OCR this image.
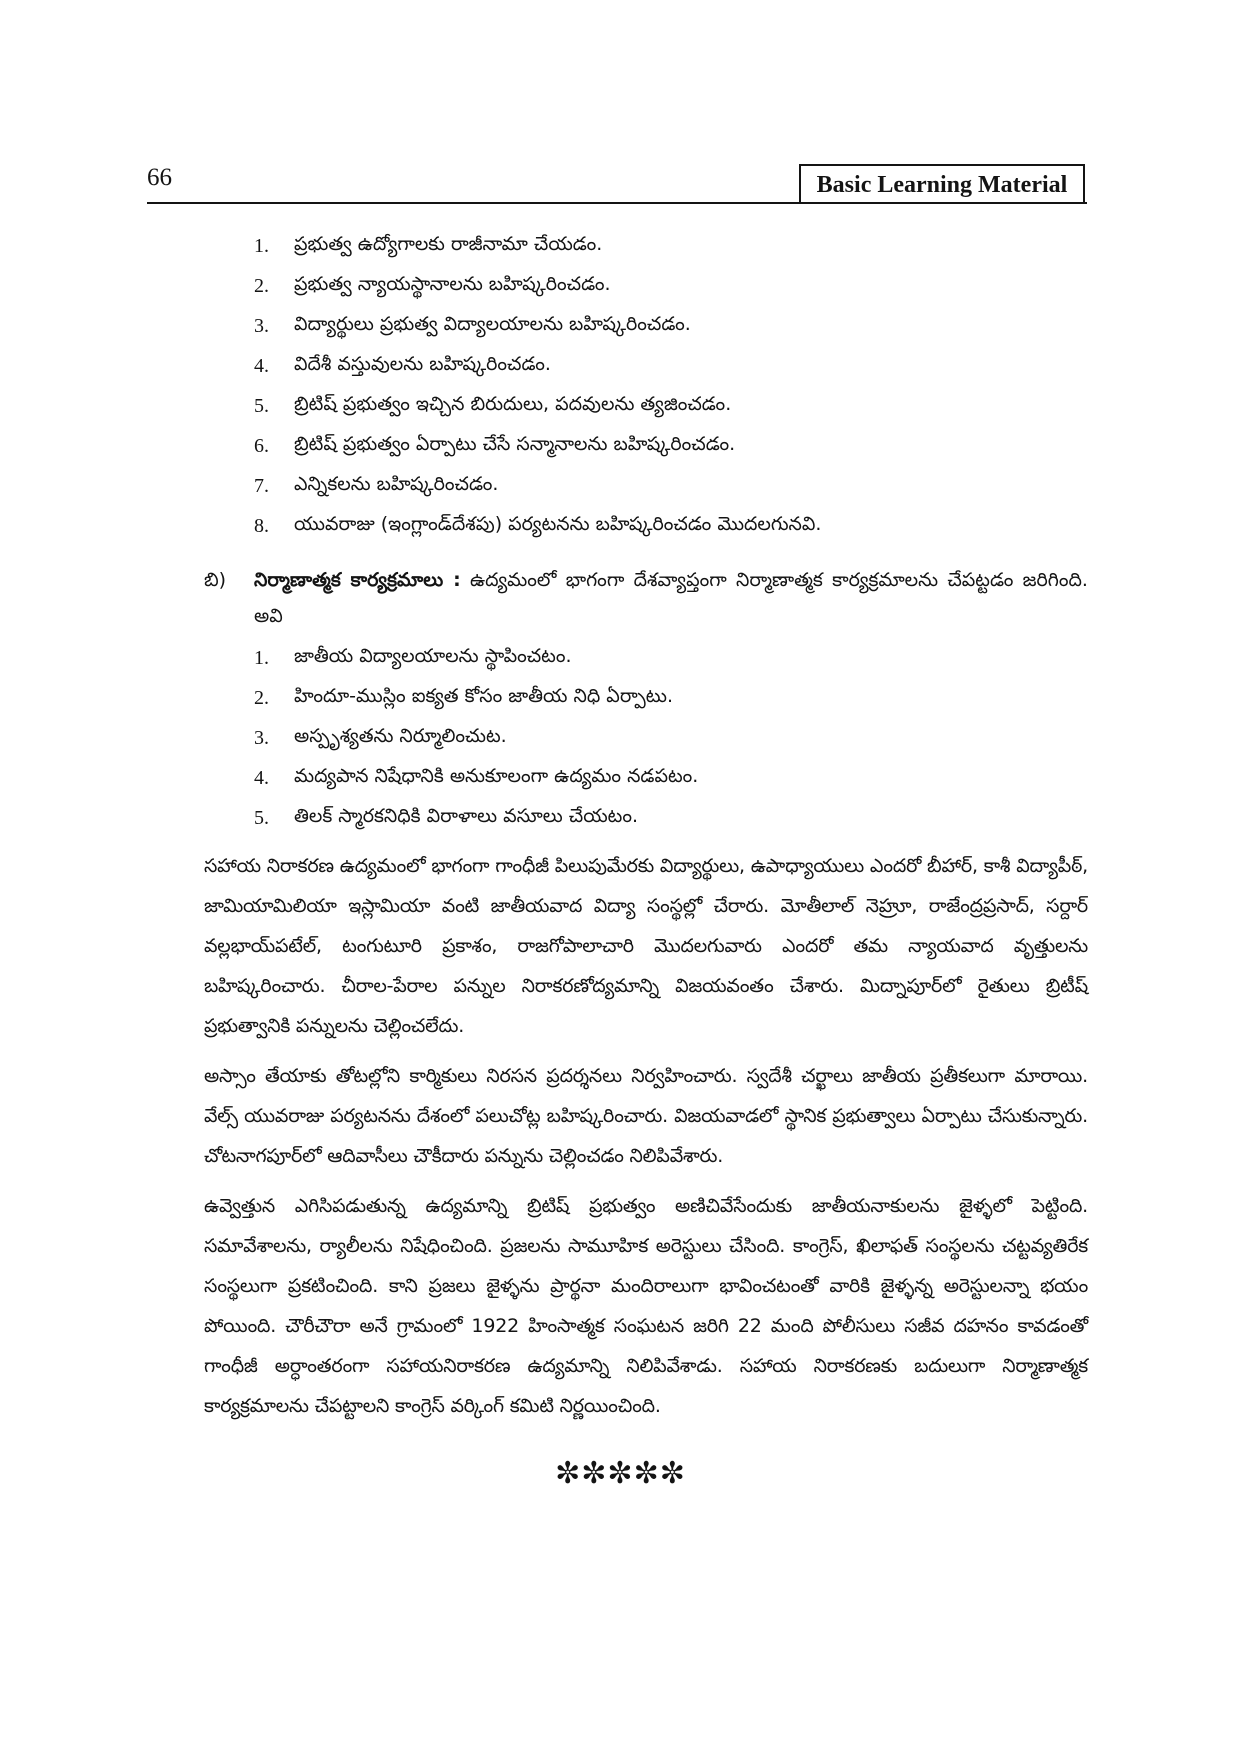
66	Basic Learning Material
1.	ప్రభుత్వ ఉద్యోగాలకు రాజీనామా చేయడం.
2.	ప్రభుత్వ న్యాయస్థానాలను బహిష్కరించడం.
3.	విద్యార్థులు ప్రభుత్వ విద్యాలయాలను బహిష్కరించడం.
4.	విదేశీ వస్తువులను బహిష్కరించడం.
5.	బ్రిటిష్ ప్రభుత్వం ఇచ్చిన బిరుదులు, పదవులను త్యజించడం.
6.	బ్రిటిష్ ప్రభుత్వం ఏర్పాటు చేసే సన్మానాలను బహిష్కరించడం.
7.	ఎన్నికలను బహిష్కరించడం.
8.	యువరాజు (ఇంగ్లాండ్‌దేశపు) పర్యటనను బహిష్కరించడం మొదలగునవి.
బి)	నిర్మాణాత్మక కార్యక్రమాలు : ఉద్యమంలో భాగంగా దేశవ్యాప్తంగా నిర్మాణాత్మక కార్యక్రమాలను చేపట్టడం జరిగింది. అవి
1.	జాతీయ విద్యాలయాలను స్థాపించటం.
2.	హిందూ-ముస్లిం ఐక్యత కోసం జాతీయ నిధి ఏర్పాటు.
3.	అస్పృశ్యతను నిర్మూలించుట.
4.	మద్యపాన నిషేధానికి అనుకూలంగా ఉద్యమం నడపటం.
5.	తిలక్ స్మారకనిధికి విరాళాలు వసూలు చేయటం.

సహాయ నిరాకరణ ఉద్యమంలో భాగంగా గాంధీజీ పిలుపుమేరకు విద్యార్థులు, ఉపాధ్యాయులు ఎందరో బీహార్, కాశీ విద్యాపీఠ్, జామియామిలియా ఇస్లామియా వంటి జాతీయవాద విద్యా సంస్థల్లో చేరారు. మోతీలాల్ నెహ్రూ, రాజేంద్రప్రసాద్, సర్దార్ వల్లభాయ్‌పటేల్, టంగుటూరి ప్రకాశం, రాజగోపాలాచారి మొదలగువారు ఎందరో తమ న్యాయవాద వృత్తులను బహిష్కరించారు. చీరాల-పేరాల పన్నుల నిరాకరణోద్యమాన్ని విజయవంతం చేశారు. మిద్నాపూర్‌లో రైతులు బ్రిటీష్ ప్రభుత్వానికి పన్నులను చెల్లించలేదు.

అస్సాం తేయాకు తోటల్లోని కార్మికులు నిరసన ప్రదర్శనలు నిర్వహించారు. స్వదేశీ చర్ఖాలు జాతీయ ప్రతీకలుగా మారాయి. వేల్స్ యువరాజు పర్యటనను దేశంలో పలుచోట్ల బహిష్కరించారు. విజయవాడలో స్థానిక ప్రభుత్వాలు ఏర్పాటు చేసుకున్నారు. చోటనాగపూర్‌లో ఆదివాసీలు చౌకీదారు పన్నును చెల్లించడం నిలిపివేశారు.

ఉవ్వెత్తున ఎగిసిపడుతున్న ఉద్యమాన్ని బ్రిటిష్ ప్రభుత్వం అణిచివేసేందుకు జాతీయనాకులను జైళ్ళలో పెట్టింది. సమావేశాలను, ర్యాలీలను నిషేధించింది. ప్రజలను సామూహిక అరెస్టులు చేసింది. కాంగ్రెస్, ఖిలాఫత్ సంస్థలను చట్టవ్యతిరేక సంస్థలుగా ప్రకటించింది. కాని ప్రజలు జైళ్ళను ప్రార్థనా మందిరాలుగా భావించటంతో వారికి జైళ్ళన్న అరెస్టులన్నా భయం పోయింది. చౌరీచౌరా అనే గ్రామంలో 1922 హింసాత్మక సంఘటన జరిగి 22 మంది పోలీసులు సజీవ దహనం కావడంతో గాంధీజీ అర్ధాంతరంగా సహాయనిరాకరణ ఉద్యమాన్ని నిలిపివేశాడు. సహాయ నిరాకరణకు బదులుగా నిర్మాణాత్మక కార్యక్రమాలను చేపట్టాలని కాంగ్రెస్ వర్కింగ్ కమిటి నిర్ణయించింది.

✼✼✼✼✼
